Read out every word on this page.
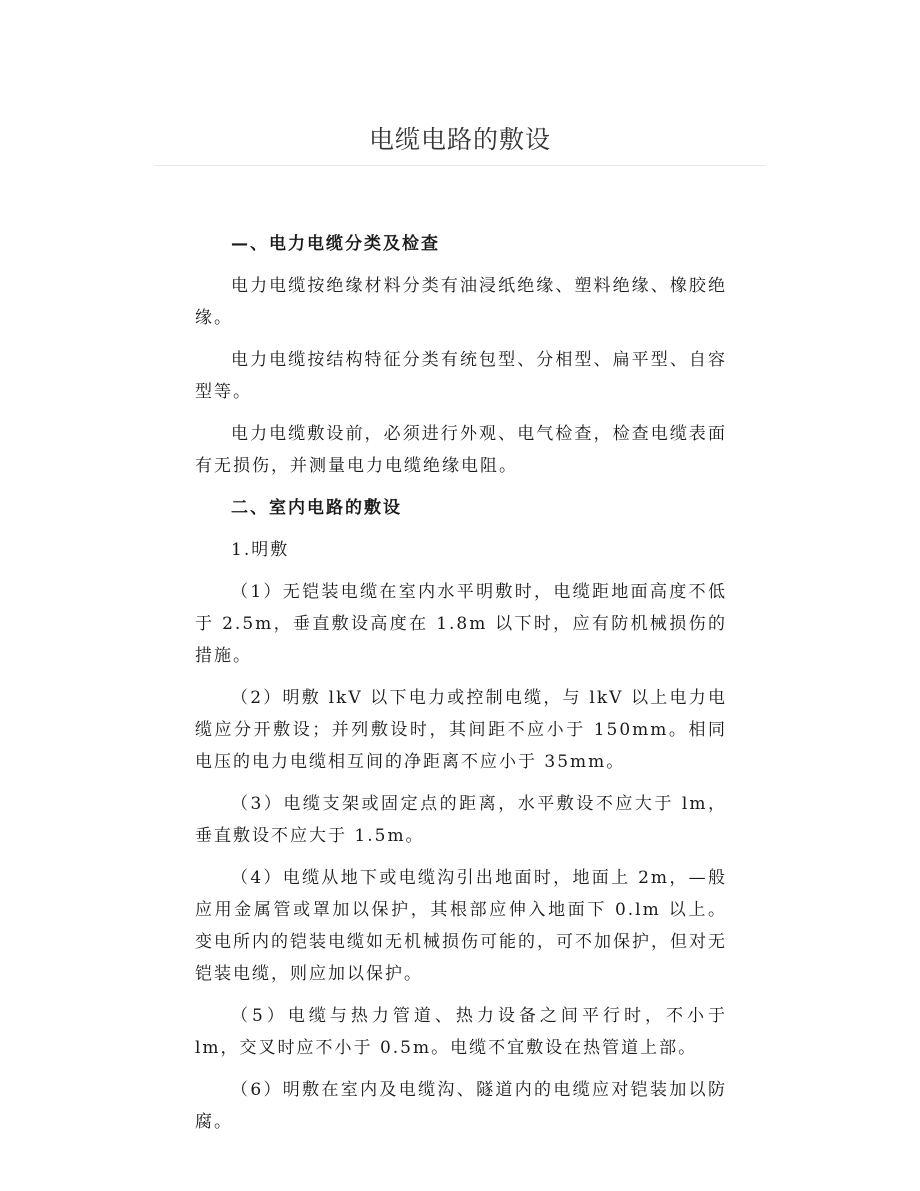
电缆电路的敷设
—、电力电缆分类及检查

电力电缆按绝缘材料分类有油浸纸绝缘、塑料绝缘、橡胶绝缘。

电力电缆按结构特征分类有统包型、分相型、扁平型、自容型等。

电力电缆敷设前，必须进行外观、电气检查，检查电缆表面有无损伤，并测量电力电缆绝缘电阻。

二、室内电路的敷设

1.明敷

（1）无铠装电缆在室内水平明敷时，电缆距地面高度不低于 2.5m，垂直敷设高度在 1.8m 以下时，应有防机械损伤的措施。

（2）明敷 lkV 以下电力或控制电缆，与 lkV 以上电力电缆应分开敷设；并列敷设时，其间距不应小于 150mm。相同电压的电力电缆相互间的净距离不应小于 35mm。

（3）电缆支架或固定点的距离，水平敷设不应大于 lm，垂直敷设不应大于 1.5m。

（4）电缆从地下或电缆沟引出地面时，地面上 2m，—般应用金属管或罩加以保护，其根部应伸入地面下 0.lm 以上。变电所内的铠装电缆如无机械损伤可能的，可不加保护，但对无铠装电缆，则应加以保护。

（5）电缆与热力管道、热力设备之间平行时，不小于 lm，交叉时应不小于 0.5m。电缆不宜敷设在热管道上部。

（6）明敷在室内及电缆沟、隧道内的电缆应对铠装加以防腐。
